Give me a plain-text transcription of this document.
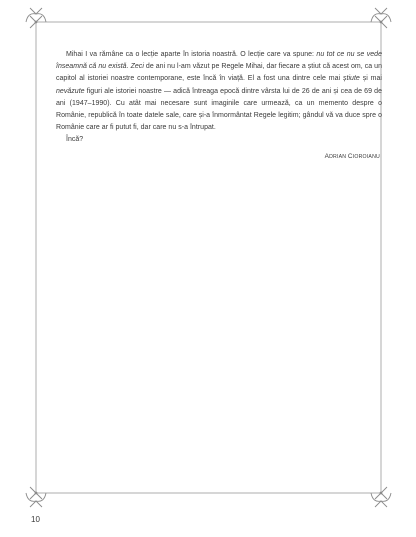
Mihai I va rămâne ca o lecție aparte în istoria noastră. O lecție care va spune: nu tot ce nu se vede înseamnă că nu există. Zeci de ani nu l-am văzut pe Regele Mihai, dar fiecare a știut că acest om, ca un capitol al istoriei noastre contemporane, este încă în viață. El a fost una dintre cele mai știute și mai nevăzute figuri ale istoriei noastre — adică întreaga epocă dintre vârsta lui de 26 de ani și cea de 69 de ani (1947–1990). Cu atât mai necesare sunt imaginile care urmează, ca un memento despre o Românie, republică în toate datele sale, care și-a înmormântat Regele legitim; gândul vă va duce spre o Românie care ar fi putut fi, dar care nu s-a întrupat.

Încă?

ADRIAN CIOROIANU
10
